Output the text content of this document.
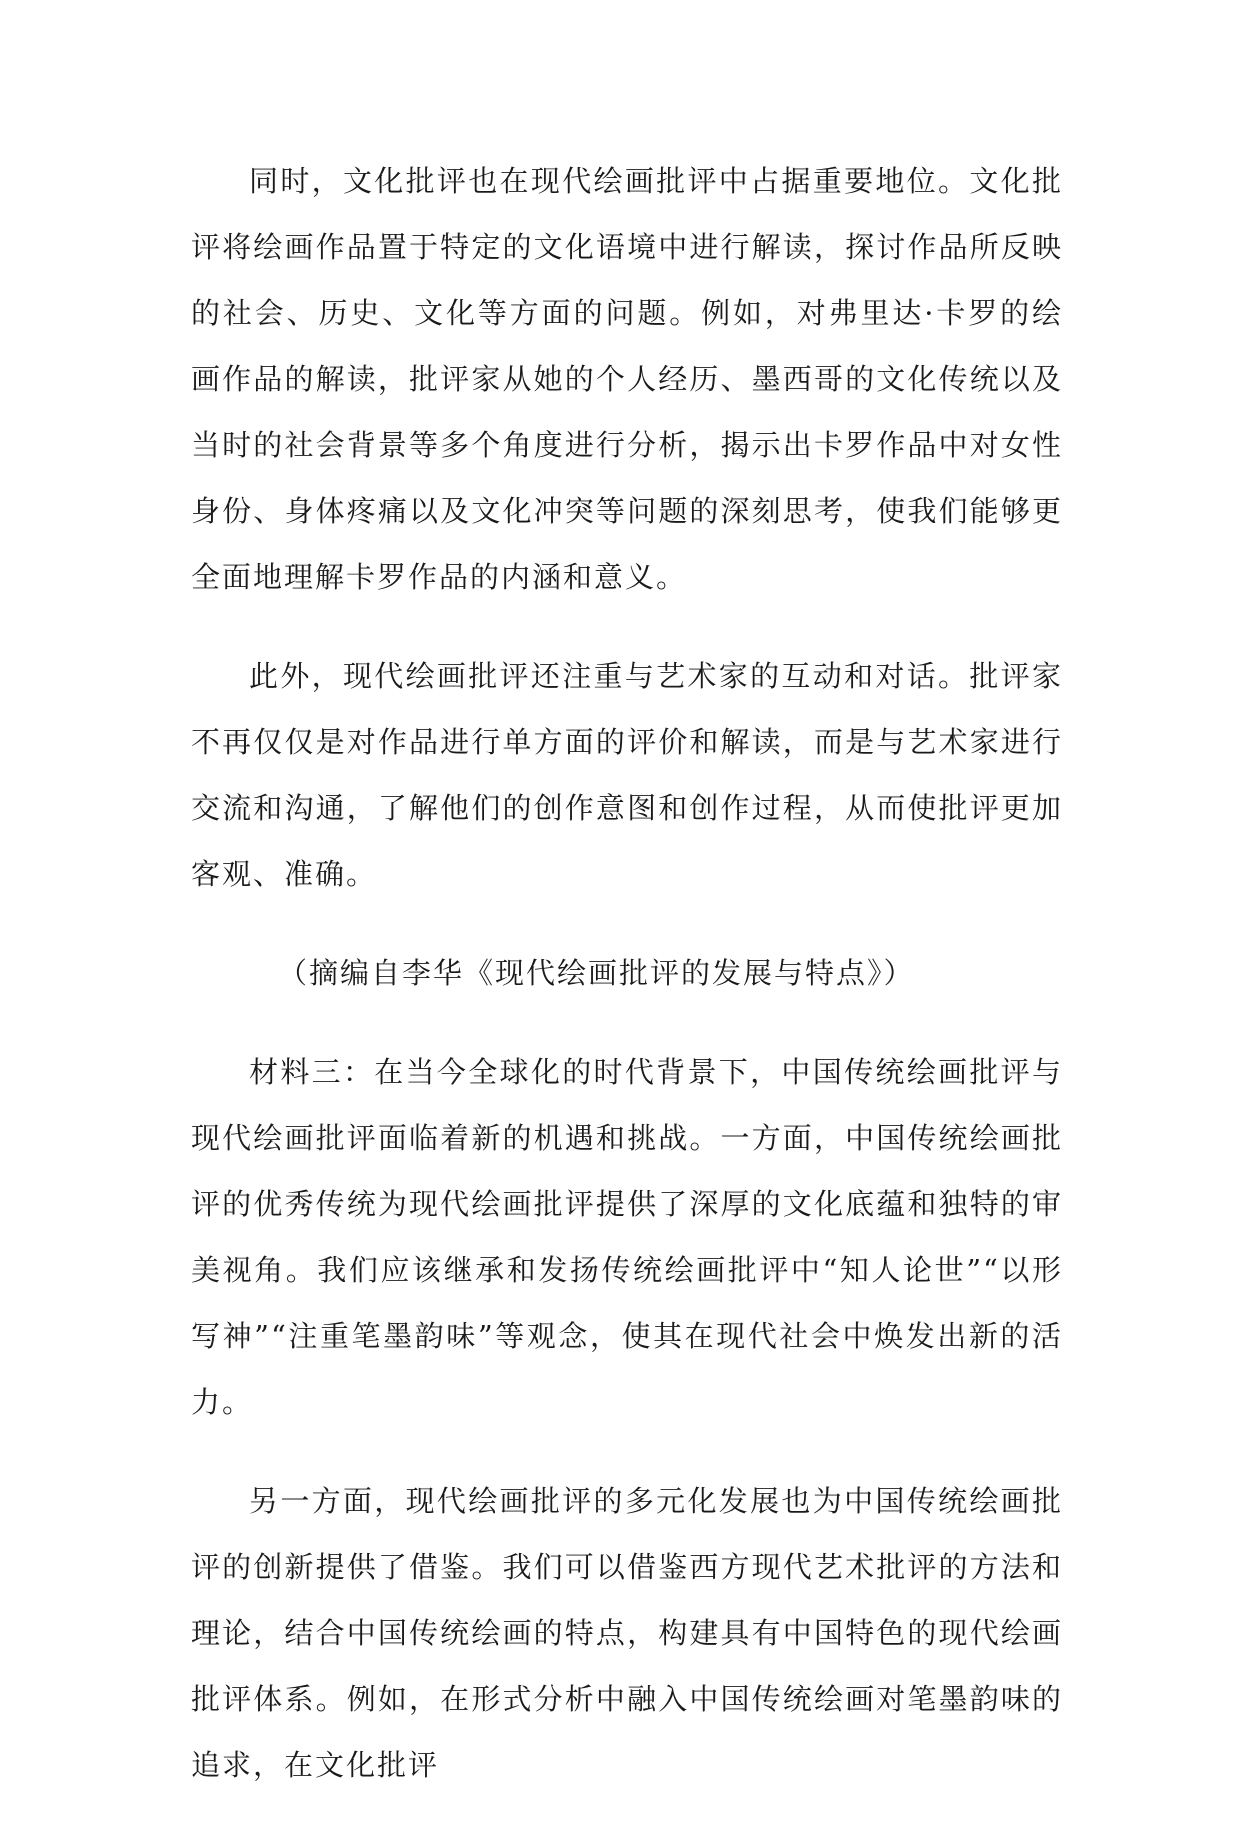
同时，文化批评也在现代绘画批评中占据重要地位。文化批评将绘画作品置于特定的文化语境中进行解读，探讨作品所反映的社会、历史、文化等方面的问题。例如，对弗里达·卡罗的绘画作品的解读，批评家从她的个人经历、墨西哥的文化传统以及当时的社会背景等多个角度进行分析，揭示出卡罗作品中对女性身份、身体疼痛以及文化冲突等问题的深刻思考，使我们能够更全面地理解卡罗作品的内涵和意义。

此外，现代绘画批评还注重与艺术家的互动和对话。批评家不再仅仅是对作品进行单方面的评价和解读，而是与艺术家进行交流和沟通，了解他们的创作意图和创作过程，从而使批评更加客观、准确。

（摘编自李华《现代绘画批评的发展与特点》）

材料三：在当今全球化的时代背景下，中国传统绘画批评与现代绘画批评面临着新的机遇和挑战。一方面，中国传统绘画批评的优秀传统为现代绘画批评提供了深厚的文化底蕴和独特的审美视角。我们应该继承和发扬传统绘画批评中“知人论世”“以形写神”“注重笔墨韵味”等观念，使其在现代社会中焕发出新的活力。

另一方面，现代绘画批评的多元化发展也为中国传统绘画批评的创新提供了借鉴。我们可以借鉴西方现代艺术批评的方法和理论，结合中国传统绘画的特点，构建具有中国特色的现代绘画批评体系。例如，在形式分析中融入中国传统绘画对笔墨韵味的追求，在文化批评
